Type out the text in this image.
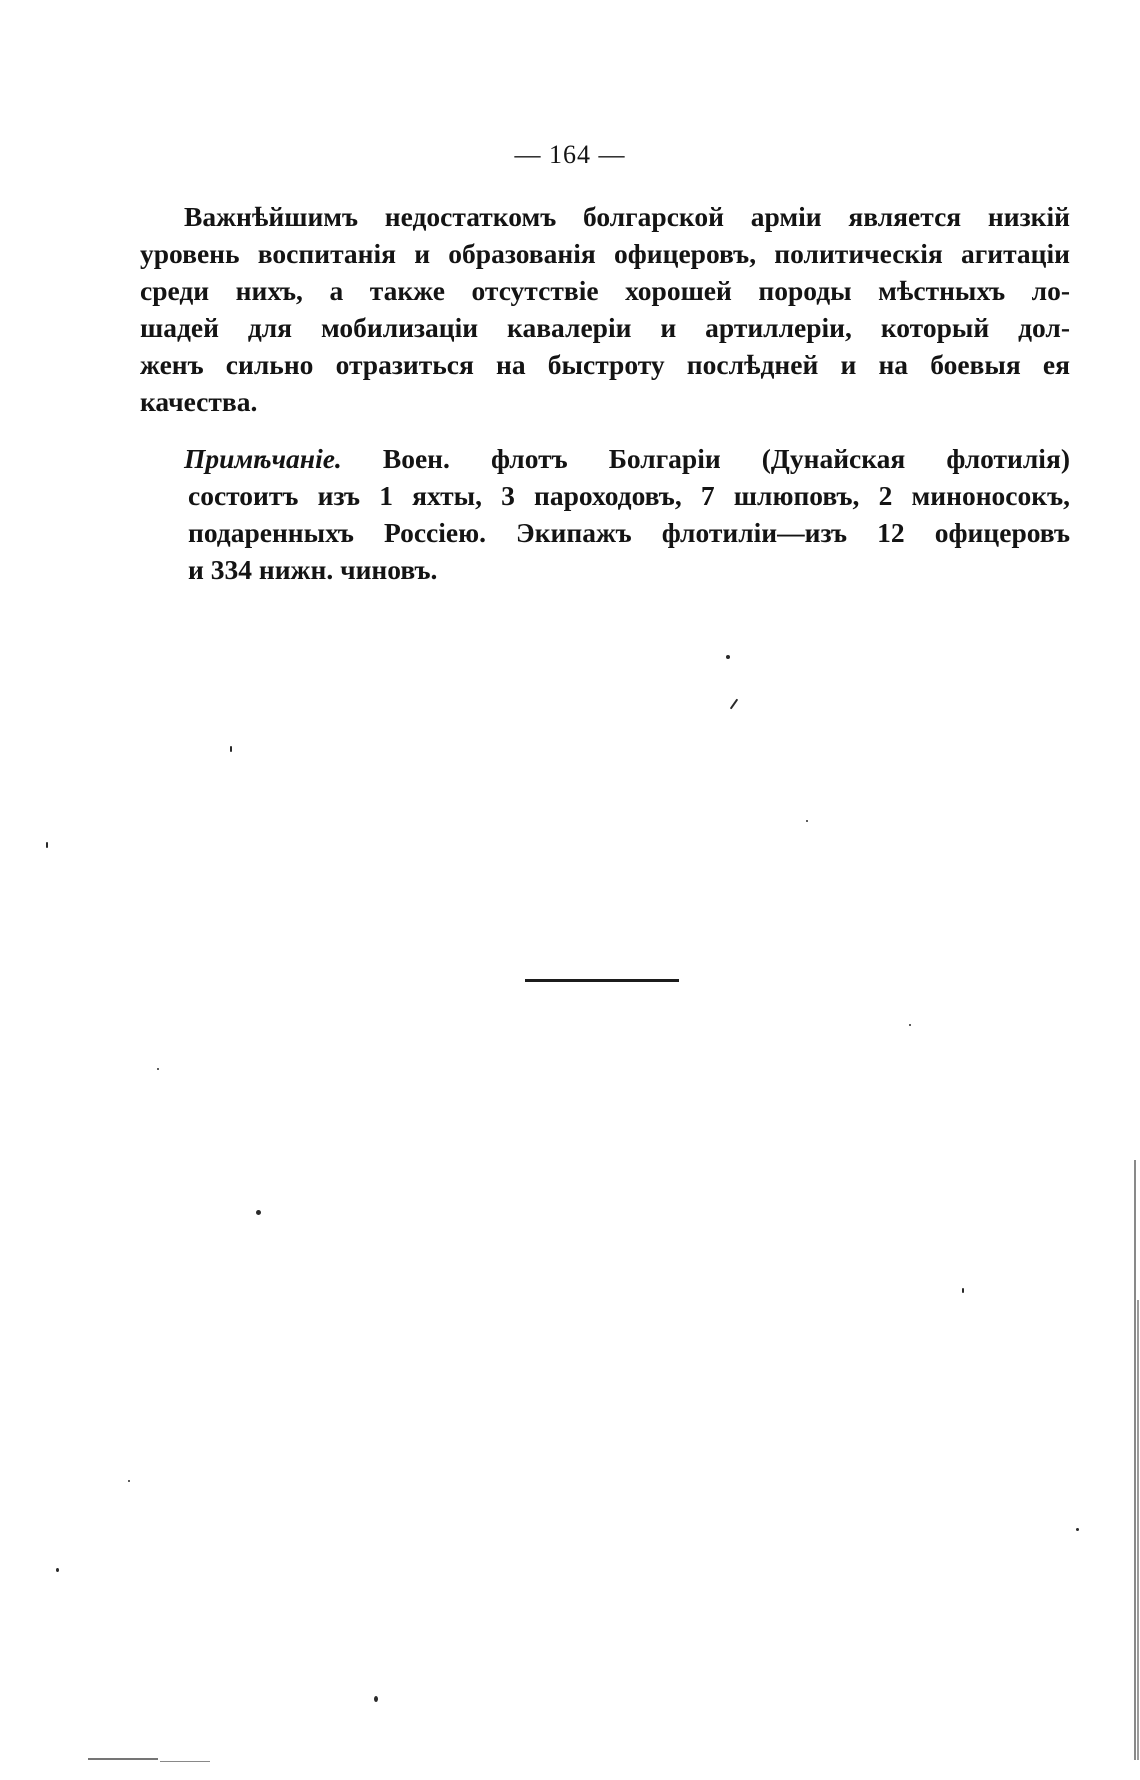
— 164 —
Важнѣйшимъ недостаткомъ болгарской арміи является низкій
уровень воспитанія и образованія офицеровъ, политическія агитаціи
среди нихъ, а также отсутствіе хорошей породы мѣстныхъ ло-
шадей для мобилизаціи кавалеріи и артиллеріи, который дол-
женъ сильно отразиться на быстроту послѣдней и на боевыя ея
качества.
Примѣчаніе. Воен. флотъ Болгаріи (Дунайская флотилія)
состоитъ изъ 1 яхты, 3 пароходовъ, 7 шлюповъ, 2 миноносокъ,
подаренныхъ Россіею. Экипажъ флотиліи—изъ 12 офицеровъ
и 334 нижн. чиновъ.
